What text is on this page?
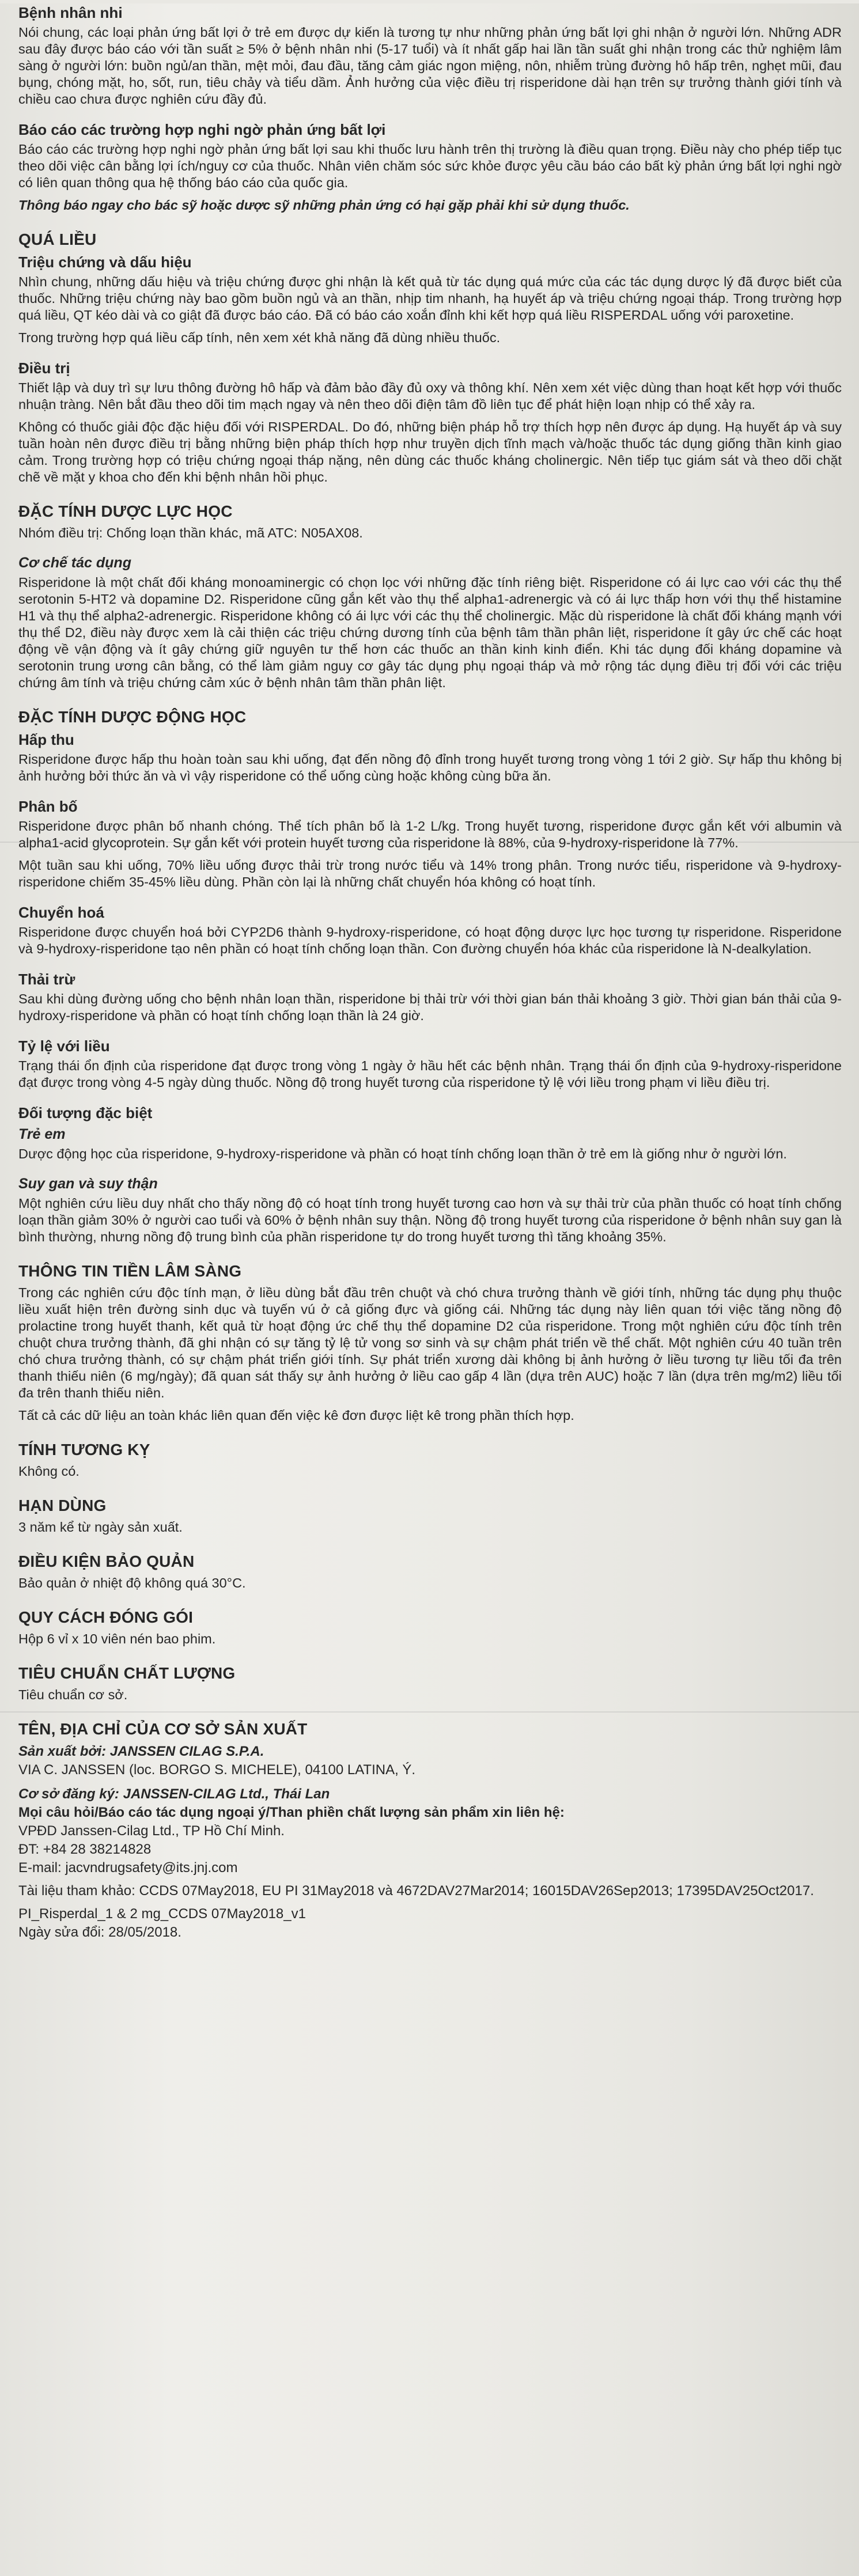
Bệnh nhân nhi

Nói chung, các loại phản ứng bất lợi ở trẻ em được dự kiến là tương tự như những phản ứng bất lợi ghi nhận ở người lớn. Những ADR sau đây được báo cáo với tần suất ≥ 5% ở bệnh nhân nhi (5-17 tuổi) và ít nhất gấp hai lần tần suất ghi nhận trong các thử nghiệm lâm sàng ở người lớn: buồn ngủ/an thần, mệt mỏi, đau đầu, tăng cảm giác ngon miệng, nôn, nhiễm trùng đường hô hấp trên, nghẹt mũi, đau bụng, chóng mặt, ho, sốt, run, tiêu chảy và tiểu dầm. Ảnh hưởng của việc điều trị risperidone dài hạn trên sự trưởng thành giới tính và chiều cao chưa được nghiên cứu đầy đủ.

Báo cáo các trường hợp nghi ngờ phản ứng bất lợi

Báo cáo các trường hợp nghi ngờ phản ứng bất lợi sau khi thuốc lưu hành trên thị trường là điều quan trọng. Điều này cho phép tiếp tục theo dõi việc cân bằng lợi ích/nguy cơ của thuốc. Nhân viên chăm sóc sức khỏe được yêu cầu báo cáo bất kỳ phản ứng bất lợi nghi ngờ có liên quan thông qua hệ thống báo cáo của quốc gia.

Thông báo ngay cho bác sỹ hoặc dược sỹ những phản ứng có hại gặp phải khi sử dụng thuốc.

QUÁ LIỀU
Triệu chứng và dấu hiệu

Nhìn chung, những dấu hiệu và triệu chứng được ghi nhận là kết quả từ tác dụng quá mức của các tác dụng dược lý đã được biết của thuốc. Những triệu chứng này bao gồm buồn ngủ và an thần, nhịp tim nhanh, hạ huyết áp và triệu chứng ngoại tháp. Trong trường hợp quá liều, QT kéo dài và co giật đã được báo cáo. Đã có báo cáo xoắn đỉnh khi kết hợp quá liều RISPERDAL uống với paroxetine.

Trong trường hợp quá liều cấp tính, nên xem xét khả năng đã dùng nhiều thuốc.

Điều trị

Thiết lập và duy trì sự lưu thông đường hô hấp và đảm bảo đầy đủ oxy và thông khí. Nên xem xét việc dùng than hoạt kết hợp với thuốc nhuận tràng. Nên bắt đầu theo dõi tim mạch ngay và nên theo dõi điện tâm đồ liên tục để phát hiện loạn nhịp có thể xảy ra.

Không có thuốc giải độc đặc hiệu đối với RISPERDAL. Do đó, những biện pháp hỗ trợ thích hợp nên được áp dụng. Hạ huyết áp và suy tuần hoàn nên được điều trị bằng những biện pháp thích hợp như truyền dịch tĩnh mạch và/hoặc thuốc tác dụng giống thần kinh giao cảm. Trong trường hợp có triệu chứng ngoại tháp nặng, nên dùng các thuốc kháng cholinergic. Nên tiếp tục giám sát và theo dõi chặt chẽ về mặt y khoa cho đến khi bệnh nhân hồi phục.

ĐẶC TÍNH DƯỢC LỰC HỌC

Nhóm điều trị: Chống loạn thần khác, mã ATC: N05AX08.

Cơ chế tác dụng

Risperidone là một chất đối kháng monoaminergic có chọn lọc với những đặc tính riêng biệt. Risperidone có ái lực cao với các thụ thể serotonin 5-HT2 và dopamine D2. Risperidone cũng gắn kết vào thụ thể alpha1-adrenergic và có ái lực thấp hơn với thụ thể histamine H1 và thụ thể alpha2-adrenergic. Risperidone không có ái lực với các thụ thể cholinergic. Mặc dù risperidone là chất đối kháng mạnh với thụ thể D2, điều này được xem là cải thiện các triệu chứng dương tính của bệnh tâm thần phân liệt, risperidone ít gây ức chế các hoạt động về vận động và ít gây chứng giữ nguyên tư thế hơn các thuốc an thần kinh kinh điển. Khi tác dụng đối kháng dopamine và serotonin trung ương cân bằng, có thể làm giảm nguy cơ gây tác dụng phụ ngoại tháp và mở rộng tác dụng điều trị đối với các triệu chứng âm tính và triệu chứng cảm xúc ở bệnh nhân tâm thần phân liệt.

ĐẶC TÍNH DƯỢC ĐỘNG HỌC
Hấp thu

Risperidone được hấp thu hoàn toàn sau khi uống, đạt đến nồng độ đỉnh trong huyết tương trong vòng 1 tới 2 giờ. Sự hấp thu không bị ảnh hưởng bởi thức ăn và vì vậy risperidone có thể uống cùng hoặc không cùng bữa ăn.

Phân bố

Risperidone được phân bố nhanh chóng. Thể tích phân bố là 1-2 L/kg. Trong huyết tương, risperidone được gắn kết với albumin và alpha1-acid glycoprotein. Sự gắn kết với protein huyết tương của risperidone là 88%, của 9-hydroxy-risperidone là 77%.

Một tuần sau khi uống, 70% liều uống được thải trừ trong nước tiểu và 14% trong phân. Trong nước tiểu, risperidone và 9-hydroxy-risperidone chiếm 35-45% liều dùng. Phần còn lại là những chất chuyển hóa không có hoạt tính.

Chuyển hoá

Risperidone được chuyển hoá bởi CYP2D6 thành 9-hydroxy-risperidone, có hoạt động dược lực học tương tự risperidone. Risperidone và 9-hydroxy-risperidone tạo nên phần có hoạt tính chống loạn thần. Con đường chuyển hóa khác của risperidone là N-dealkylation.

Thải trừ

Sau khi dùng đường uống cho bệnh nhân loạn thần, risperidone bị thải trừ với thời gian bán thải khoảng 3 giờ. Thời gian bán thải của 9-hydroxy-risperidone và phần có hoạt tính chống loạn thần là 24 giờ.

Tỷ lệ với liều

Trạng thái ổn định của risperidone đạt được trong vòng 1 ngày ở hầu hết các bệnh nhân. Trạng thái ổn định của 9-hydroxy-risperidone đạt được trong vòng 4-5 ngày dùng thuốc. Nồng độ trong huyết tương của risperidone tỷ lệ với liều trong phạm vi liều điều trị.

Đối tượng đặc biệt
Trẻ em

Dược động học của risperidone, 9-hydroxy-risperidone và phần có hoạt tính chống loạn thần ở trẻ em là giống như ở người lớn.

Suy gan và suy thận

Một nghiên cứu liều duy nhất cho thấy nồng độ có hoạt tính trong huyết tương cao hơn và sự thải trừ của phần thuốc có hoạt tính chống loạn thần giảm 30% ở người cao tuổi và 60% ở bệnh nhân suy thận. Nồng độ trong huyết tương của risperidone ở bệnh nhân suy gan là bình thường, nhưng nồng độ trung bình của phần risperidone tự do trong huyết tương thì tăng khoảng 35%.

THÔNG TIN TIỀN LÂM SÀNG

Trong các nghiên cứu độc tính mạn, ở liều dùng bắt đầu trên chuột và chó chưa trưởng thành về giới tính, những tác dụng phụ thuộc liều xuất hiện trên đường sinh dục và tuyến vú ở cả giống đực và giống cái. Những tác dụng này liên quan tới việc tăng nồng độ prolactine trong huyết thanh, kết quả từ hoạt động ức chế thụ thể dopamine D2 của risperidone. Trong một nghiên cứu độc tính trên chuột chưa trưởng thành, đã ghi nhận có sự tăng tỷ lệ tử vong sơ sinh và sự chậm phát triển về thể chất. Một nghiên cứu 40 tuần trên chó chưa trưởng thành, có sự chậm phát triển giới tính. Sự phát triển xương dài không bị ảnh hưởng ở liều tương tự liều tối đa trên thanh thiếu niên (6 mg/ngày); đã quan sát thấy sự ảnh hưởng ở liều cao gấp 4 lần (dựa trên AUC) hoặc 7 lần (dựa trên mg/m2) liều tối đa trên thanh thiếu niên.

Tất cả các dữ liệu an toàn khác liên quan đến việc kê đơn được liệt kê trong phần thích hợp.

TÍNH TƯƠNG KỴ

Không có.

HẠN DÙNG

3 năm kể từ ngày sản xuất.

ĐIỀU KIỆN BẢO QUẢN

Bảo quản ở nhiệt độ không quá 30°C.

QUY CÁCH ĐÓNG GÓI

Hộp 6 vỉ x 10 viên nén bao phim.

TIÊU CHUẨN CHẤT LƯỢNG

Tiêu chuẩn cơ sở.

TÊN, ĐỊA CHỈ CỦA CƠ SỞ SẢN XUẤT

Sản xuất bởi: JANSSEN CILAG S.P.A.

VIA C. JANSSEN (loc. BORGO S. MICHELE), 04100 LATINA, Ý.

Cơ sở đăng ký: JANSSEN-CILAG Ltd., Thái Lan

Mọi câu hỏi/Báo cáo tác dụng ngoại ý/Than phiền chất lượng sản phẩm xin liên hệ:

VPĐD Janssen-Cilag Ltd., TP Hồ Chí Minh.

ĐT: +84 28 38214828

E-mail: jacvndrugsafety@its.jnj.com

Tài liệu tham khảo: CCDS 07May2018, EU PI 31May2018 và 4672DAV27Mar2014; 16015DAV26Sep2013; 17395DAV25Oct2017.

PI_Risperdal_1 & 2 mg_CCDS 07May2018_v1

Ngày sửa đổi: 28/05/2018.
